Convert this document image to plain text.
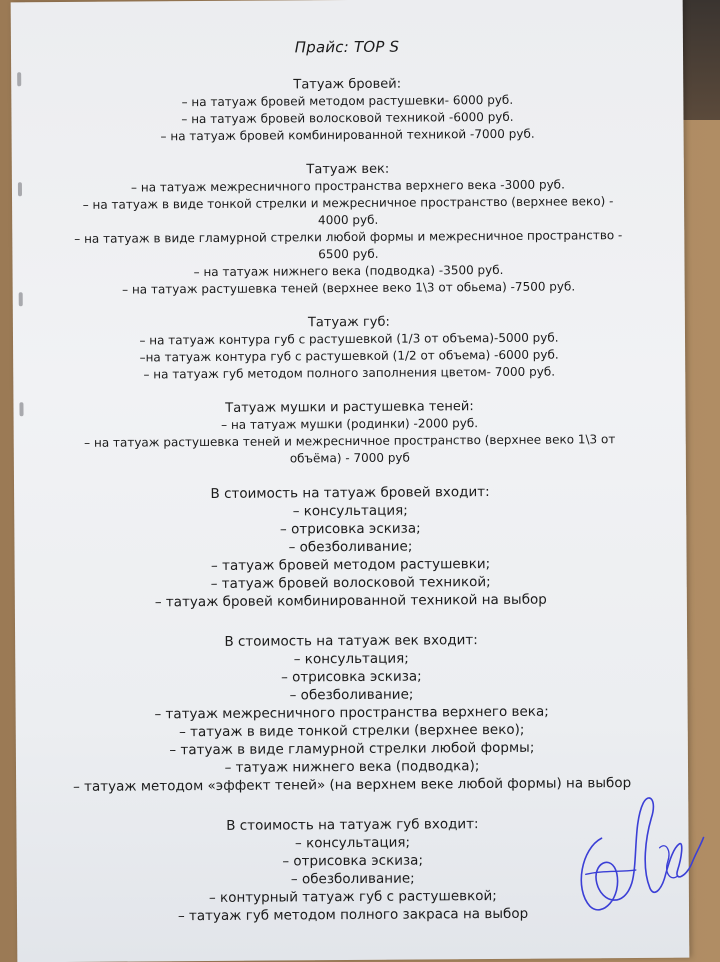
Прайс: TOP S
Татуаж бровей:
– на татуаж бровей методом растушевки- 6000 руб.
– на татуаж бровей волосковой техникой -6000 руб.
– на татуаж бровей комбинированной техникой -7000 руб.
Татуаж век:
– на татуаж межресничного пространства верхнего века -3000 руб.
– на татуаж в виде тонкой стрелки и межресничное пространство (верхнее веко) -
4000 руб.
– на татуаж в виде гламурной стрелки любой формы и межресничное пространство -
6500 руб.
– на татуаж нижнего века (подводка) -3500 руб.
– на татуаж растушевка теней (верхнее веко 1\3 от обьема) -7500 руб.
Татуаж губ:
– на татуаж контура губ с растушевкой (1/3 от объема)-5000 руб.
–на татуаж контура губ с растушевкой (1/2 от объема) -6000 руб.
– на татуаж губ методом полного заполнения цветом- 7000 руб.
Татуаж мушки и растушевка теней:
– на татуаж мушки (родинки) -2000 руб.
– на татуаж растушевка теней и межресничное пространство (верхнее веко 1\3 от
объёма) - 7000 руб
В стоимость на татуаж бровей входит:
– консультация;
– отрисовка эскиза;
– обезболивание;
– татуаж бровей методом растушевки;
– татуаж бровей волосковой техникой;
– татуаж бровей комбинированной техникой на выбор
В стоимость на татуаж век входит:
– консультация;
– отрисовка эскиза;
– обезболивание;
– татуаж межресничного пространства верхнего века;
– татуаж в виде тонкой стрелки (верхнее веко);
– татуаж в виде гламурной стрелки любой формы;
– татуаж нижнего века (подводка);
– татуаж методом «эффект теней» (на верхнем веке любой формы) на выбор
В стоимость на татуаж губ входит:
– консультация;
– отрисовка эскиза;
– обезболивание;
– контурный татуаж губ с растушевкой;
– татуаж губ методом полного закраса на выбор
